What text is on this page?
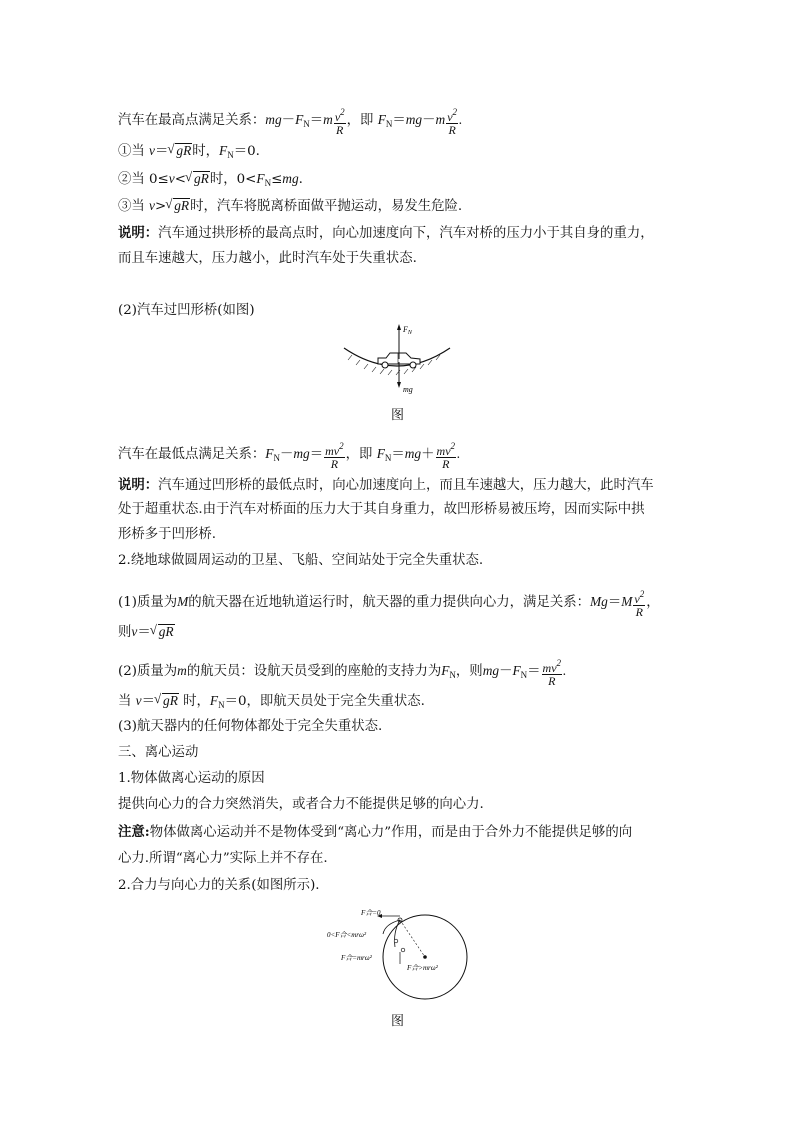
汽车在最高点满足关系：$mg-F_N=m \frac{v^2}{R}$ ，即 $F_N=mg-m \frac{v^2}{R}$ .
①当 v＝ √ gR时，$F_N=0$.
②当 0≤v< √ gR时，$0<F_N\le mg$.
③当 v> √ gR时，汽车将脱离桥面做平抛运动，易发生危险.
说明：汽车通过拱形桥的最高点时，向心加速度向下，汽车对桥的压力小于其自身的重力，
而且车速越大，压力越小，此时汽车处于失重状态.
(2)汽车过凹形桥(如图)
$F_N$
mg
图
汽车在最低点满足关系：$F_N-mg= \frac{mv^2}{R}$ ，即 $F_N=mg+ \frac{mv^2}{R}$ .
说明：汽车通过凹形桥的最低点时，向心加速度向上，而且车速越大，压力越大，此时汽车
处于超重状态.由于汽车对桥面的压力大于其自身重力，故凹形桥易被压垮，因而实际中拱
形桥多于凹形桥.
2.绕地球做圆周运动的卫星、飞船、空间站处于完全失重状态.
(1)质量为M的航天器在近地轨道运行时，航天器的重力提供向心力，满足关系：$Mg=M \frac{v^2}{R}$ ，
则v＝ √ gR
(2)质量为m的航天员：设航天员受到的座舱的支持力为$F_N$，则$mg-F_N= \frac{mv^2}{R}$ .
当 v＝ √ gR 时，$F_N=0$，即航天员处于完全失重状态.
(3)航天器内的任何物体都处于完全失重状态.
三、离心运动
1.物体做离心运动的原因
提供向心力的合力突然消失，或者合力不能提供足够的向心力.
注意:物体做离心运动并不是物体受到“离心力”作用，而是由于合外力不能提供足够的向
心力.所谓“离心力”实际上并不存在.
2.合力与向心力的关系(如图所示).
F合=0
0<F合<mrω²
F合=mrω²
F合>mrω²
图
